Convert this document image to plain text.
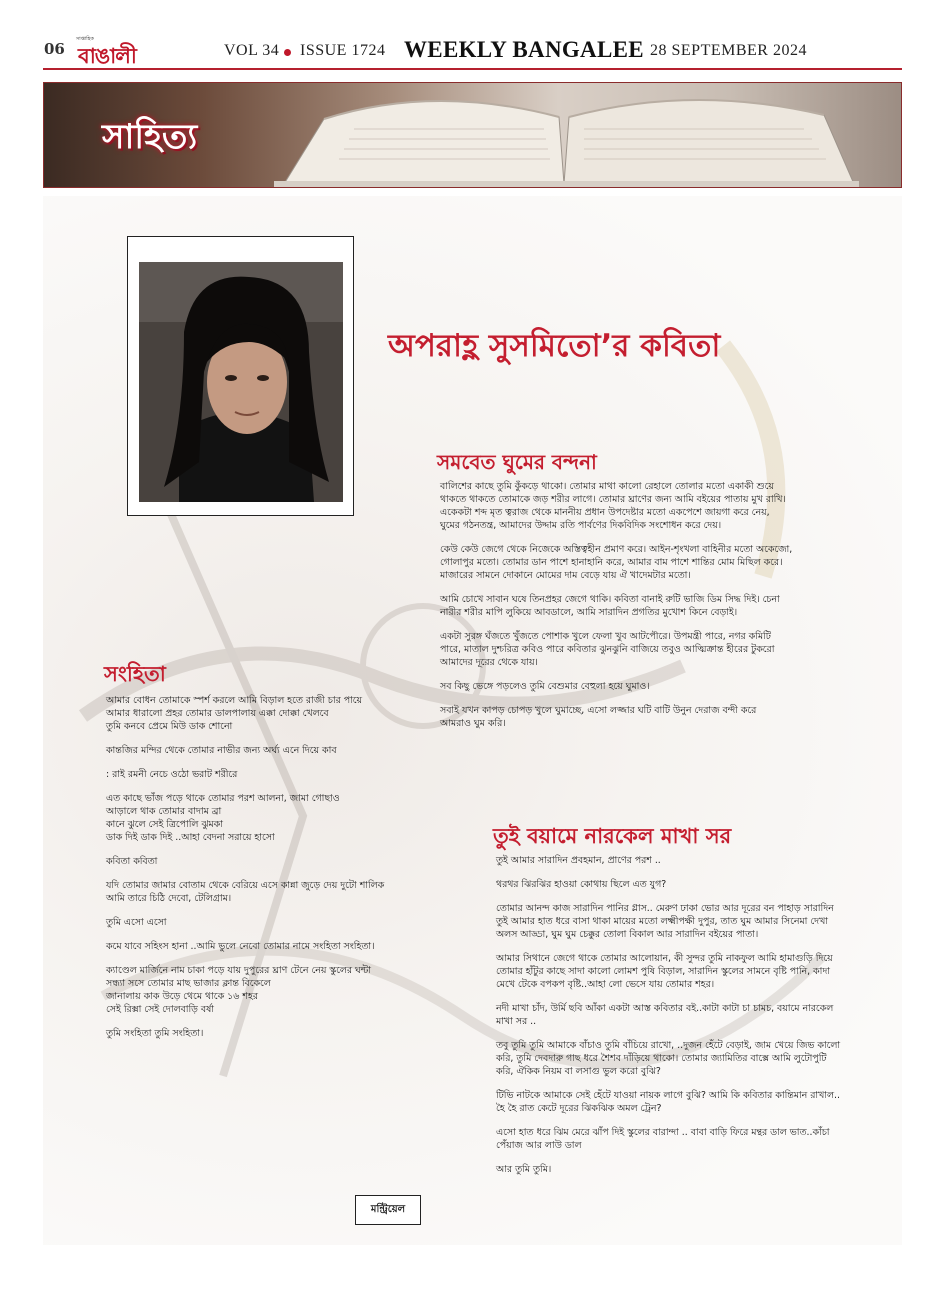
06
সাপ্তাহিক
বাঙালী	VOL 34 ISSUE 1724 WEEKLY BANGALEE 28 SEPTEMBER 2024
সাহিত্য
অপরাহ্ণ সুসমিতো’র কবিতা
সমবেত ঘুমের বন্দনা

বালিশের কাছে তুমি কুঁকড়ে থাকো। তোমার মাথা কালো রেহালে তোলার মতো একাকী শুয়ে
থাকতে থাকতে তোমাকে জড় শরীর লাগে। তোমার ঘ্রাণের জন্য আমি বইয়ের পাতায় মুখ রাখি।
একেকটা শব্দ মৃত ত্বরাজ থেকে মাননীয় প্রধান উপদেষ্টার মতো একপেশে জায়গা করে নেয়,
ঘুমের গঠনতন্ত্র, আমাদের উদ্দাম রতি পার্বণের দিকবিদিক সংশোধন করে দেয়।

কেউ কেউ জেগে থেকে নিজেকে অস্তিত্বহীন প্রমাণ করে। আইন-শৃংখলা বাহিনীর মতো অকেজো,
গোলাপুর মতো। তোমার ডান পাশে হানাহানি করে, আমার বাম পাশে শান্তির মোম মিছিল করে।
মাজারের সামনে দোকানে মোমের দাম বেড়ে যায় ঐ খাদেমটার মতো।

আমি চোখে সাবান ঘষে তিনপ্রহর জেগে থাকি। কবিতা বানাই রুটি ভাজি ডিম সিদ্ধ দিই। চেনা
নারীর শরীর মাপি লুকিয়ে আবডালে, আমি সারাদিন প্রগতির মুখোশ কিনে বেড়াই।

একটা সুরঙ্গ ঘঁজতে খুঁজতে পোশাক খুলে ফেলা খুব আটপৌরে। উপমন্ত্রী পারে, নগর কমিটি
পারে, মাতাল দুশ্চরিত্র কবিও পারে কবিতার ঝুনঝুনি বাজিয়ে তবুও আত্মিক্রান্ত হীরের টুকরো
আমাদের দূরের থেকে যায়।

সব কিছু ভেঙ্গে পড়লেও তুমি বেশুমার বেহুলা হয়ে ঘুমাও।

সবাই যখন কাপড় চোপড় খুলে ঘুমাচ্ছে, এসো লজ্জার ঘটি বাটি উনুন দেরাজ বন্দী করে
আমরাও ঘুম করি।

সংহিতা

আমার বোধন তোমাকে স্পর্শ করলে আমি বিড়াল হতে রাজী চার পায়ে
আমার ধারালো প্রহর তোমার ডালপালায় এক্কা দোক্কা খেলবে
তুমি কনবে প্রেমে মিউ ডাক শোনো

কান্তজির মন্দির থেকে তোমার নাভীর জন্য অর্ঘ্য এনে দিয়ে কাব

: রাই রমনী নেচে ওঠো ভরাট শরীরে

এত কাছে ভাঁজ পড়ে থাকে তোমার পরশ আলনা, জামা গোছাও
আড়ালে থাক তোমার বাদাম ব্রা
কানে ঝুলে সেই ত্রিপোলি ঝুমকা
ডাক দিই ডাক দিই ..আহা বেদনা সরায়ে হাসো

কবিতা কবিতা

যদি তোমার জামার বোতাম থেকে বেরিয়ে এসে কান্না জুড়ে দেয় দুটো শালিক
আমি তারে চিঠি দেবো, টেলিগ্রাম।

তুমি এসো এসো

কমে যাবে সহিংস হানা ..আমি ভুলে নেবো তোমার নামে সংহিতা সংহিতা।

ক্যাণ্ডেল মার্জিনে নাম চাকা পড়ে যায় দুপুরের ঘ্রাণ টেনে নেয় স্কুলের ঘন্টা
সন্ধ্যা সসে তোমার মাছ ভাজার ক্লান্ত বিকেলে
জানালায় কাক উড়ে থেমে থাকে ১৬ শহর
সেই রিক্সা সেই দোলবাড়ি বর্ষা

তুমি সংহিতা তুমি সংহিতা।

তুই বয়ামে নারকেল মাখা সর

তুই আমার সারাদিন প্রবহমান, প্রাণের পরশ ..

থরথর ঝিরঝির হাওয়া কোথায় ছিলে এত যুগ?

তোমার আনন্দ কাজ সারাদিন পানির গ্লাস.. মেরুণ ঢাকা ভোর আর দূরের বন পাহাড় সারাদিন
তুই আমার হাত ধরে বাসা থাকা মায়ের মতো লক্ষ্মীপক্ষী দুপুর, তাত ঘুম আমার সিনেমা দেখা
অলস আড্ডা, ঘুম ঘুম চেক্কুর তোলা বিকাল আর সারাদিন বইয়ের পাতা।

আমার সিথানে জেগে থাকে তোমার আলোয়ান, কী সুন্দর তুমি নাকফুল আমি হামাগুড়ি দিয়ে
তোমার হাঁটুর কাছে সাদা কালো লোমশ পুষি বিড়াল, সারাদিন স্কুলের সামনে বৃষ্টি পানি, কাদা
মেখে টেকে বপকপ বৃষ্টি..আহা লো ভেসে যায় তোমার শহর।

নদী মাখা চাঁদ, উর্মি ছবি আঁকা একটা আস্ত কবিতার বই..কাটা কাটা চা চামচ, বয়ামে নারকেল
মাখা সর ..

তবু তুমি তুমি আমাকে বাঁচাও তুমি বাঁচিয়ে রাখো, ..দুজন হেঁটে বেড়াই, জাম খেয়ে জিভ কালো
করি, তুমি দেবদারু গাছ ধরে শৈশব দাঁড়িয়ে থাকো। তোমার জ্যামিতির বাক্সে আমি লুটোপুটি
করি, ঐকিক নিয়ম বা লসাগু ভুল করো বুঝি?

টিভি নাটকে আমাকে সেই হেঁটে যাওয়া নায়ক লাগে বুঝি? আমি কি কবিতার কান্তিমান রাখাল..
হৈ হৈ রাত কেটে দূরের ঝিকঝিক অমল ট্রেন?

এসো হাত ধরে ঝিম মেরে ঝাঁপ দিই স্কুলের বারান্দা .. বাবা বাড়ি ফিরে মন্থর ডাল ভাত..কাঁচা
পেঁয়াজ আর লাউ ডাল

আর তুমি তুমি।

মন্ট্রিয়েল
